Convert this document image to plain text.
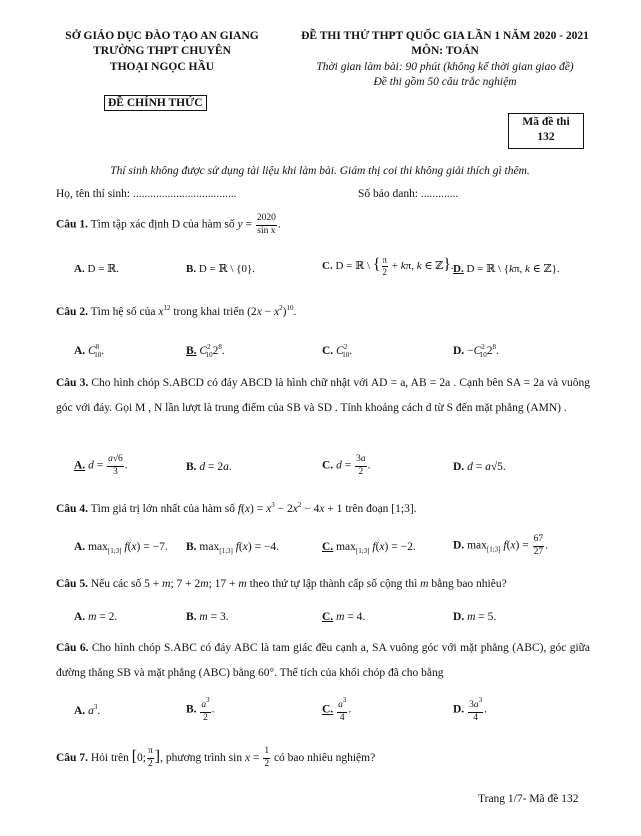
SỞ GIÁO DỤC ĐÀO TẠO AN GIANG
TRƯỜNG THPT CHUYÊN
THOẠI NGỌC HẦU
ĐỀ CHÍNH THỨC
ĐỀ THI THỬ THPT QUỐC GIA LẦN 1 NĂM 2020 - 2021
MÔN: TOÁN
Thời gian làm bài: 90 phút (không kể thời gian giao đề)
Đề thi gồm 50 câu trắc nghiệm
Mã đề thi
132
Thí sinh không được sử dụng tài liệu khi làm bài. Giám thị coi thi không giải thích gì thêm.
Họ, tên thí sinh: ....................................	Số báo danh: .............
Câu 1. Tìm tập xác định D của hàm số $y = \frac{2020}{\text{sin x}}$ .
A. D = ℝ.	B. D = ℝ \ {0}.	C. D = ℝ \ { $\frac{\pi}{2} + k\pi$, k ∈ ℤ}. D. D = ℝ \ {kπ, k ∈ ℤ}.
Câu 2. Tìm hệ số của $x^{12}$ trong khai triển $(2x - x^2)^{10}$.
A. $C^8_{10}$.	B. $C^2_{10}2^8$.	C. $C^2_{10}$.	D. $-C^2_{10}2^8$.
Câu 3. Cho hình chóp S.ABCD có đáy ABCD là hình chữ nhật với AD = a, AB = 2a . Cạnh bên SA = 2a và vuông góc với đáy. Gọi M , N lần lượt là trung điểm của SB và SD . Tính khoảng cách d từ S đến mặt phẳng (AMN) .
A. $d = \frac{a√6}{3}$ .	B. d = 2a.	C. $d = \frac{3a}{2}$ .	D. d = a√5.
Câu 4. Tìm giá trị lớn nhất của hàm số $f(x) = x^3 - 2x^2 - 4x + 1$ trên đoạn [1;3].
A. $\max_{[1;3]} f(x) = -7$. B. $\max_{[1;3]} f(x) = -4$.	C. $\max_{[1;3]} f(x) = -2$.	D. $\max_{[1;3]} f(x) = \frac{67}{27}$ .
Câu 5. Nếu các số 5 + m; 7 + 2m; 17 + m theo thứ tự lập thành cấp số cộng thì m bằng bao nhiêu?
A. m = 2.	B. m = 3.	C. m = 4.	D. m = 5.
Câu 6. Cho hình chóp S.ABC có đáy ABC là tam giác đều cạnh a, SA vuông góc với mặt phẳng (ABC), góc giữa đường thẳng SB và mặt phẳng (ABC) bằng 60°. Thể tích của khối chóp đã cho bằng
A. $a^3$.	B. $\frac{a^3}{2}$ .	C. $\frac{a^3}{4}$ .	D. $\frac{3a^3}{4}$ .
Câu 7. Hỏi trên [0; $\frac{\pi}{2}$ ], phương trình $\sin x = \frac{1}{2}$ có bao nhiêu nghiệm?
Trang 1/7- Mã đề 132
